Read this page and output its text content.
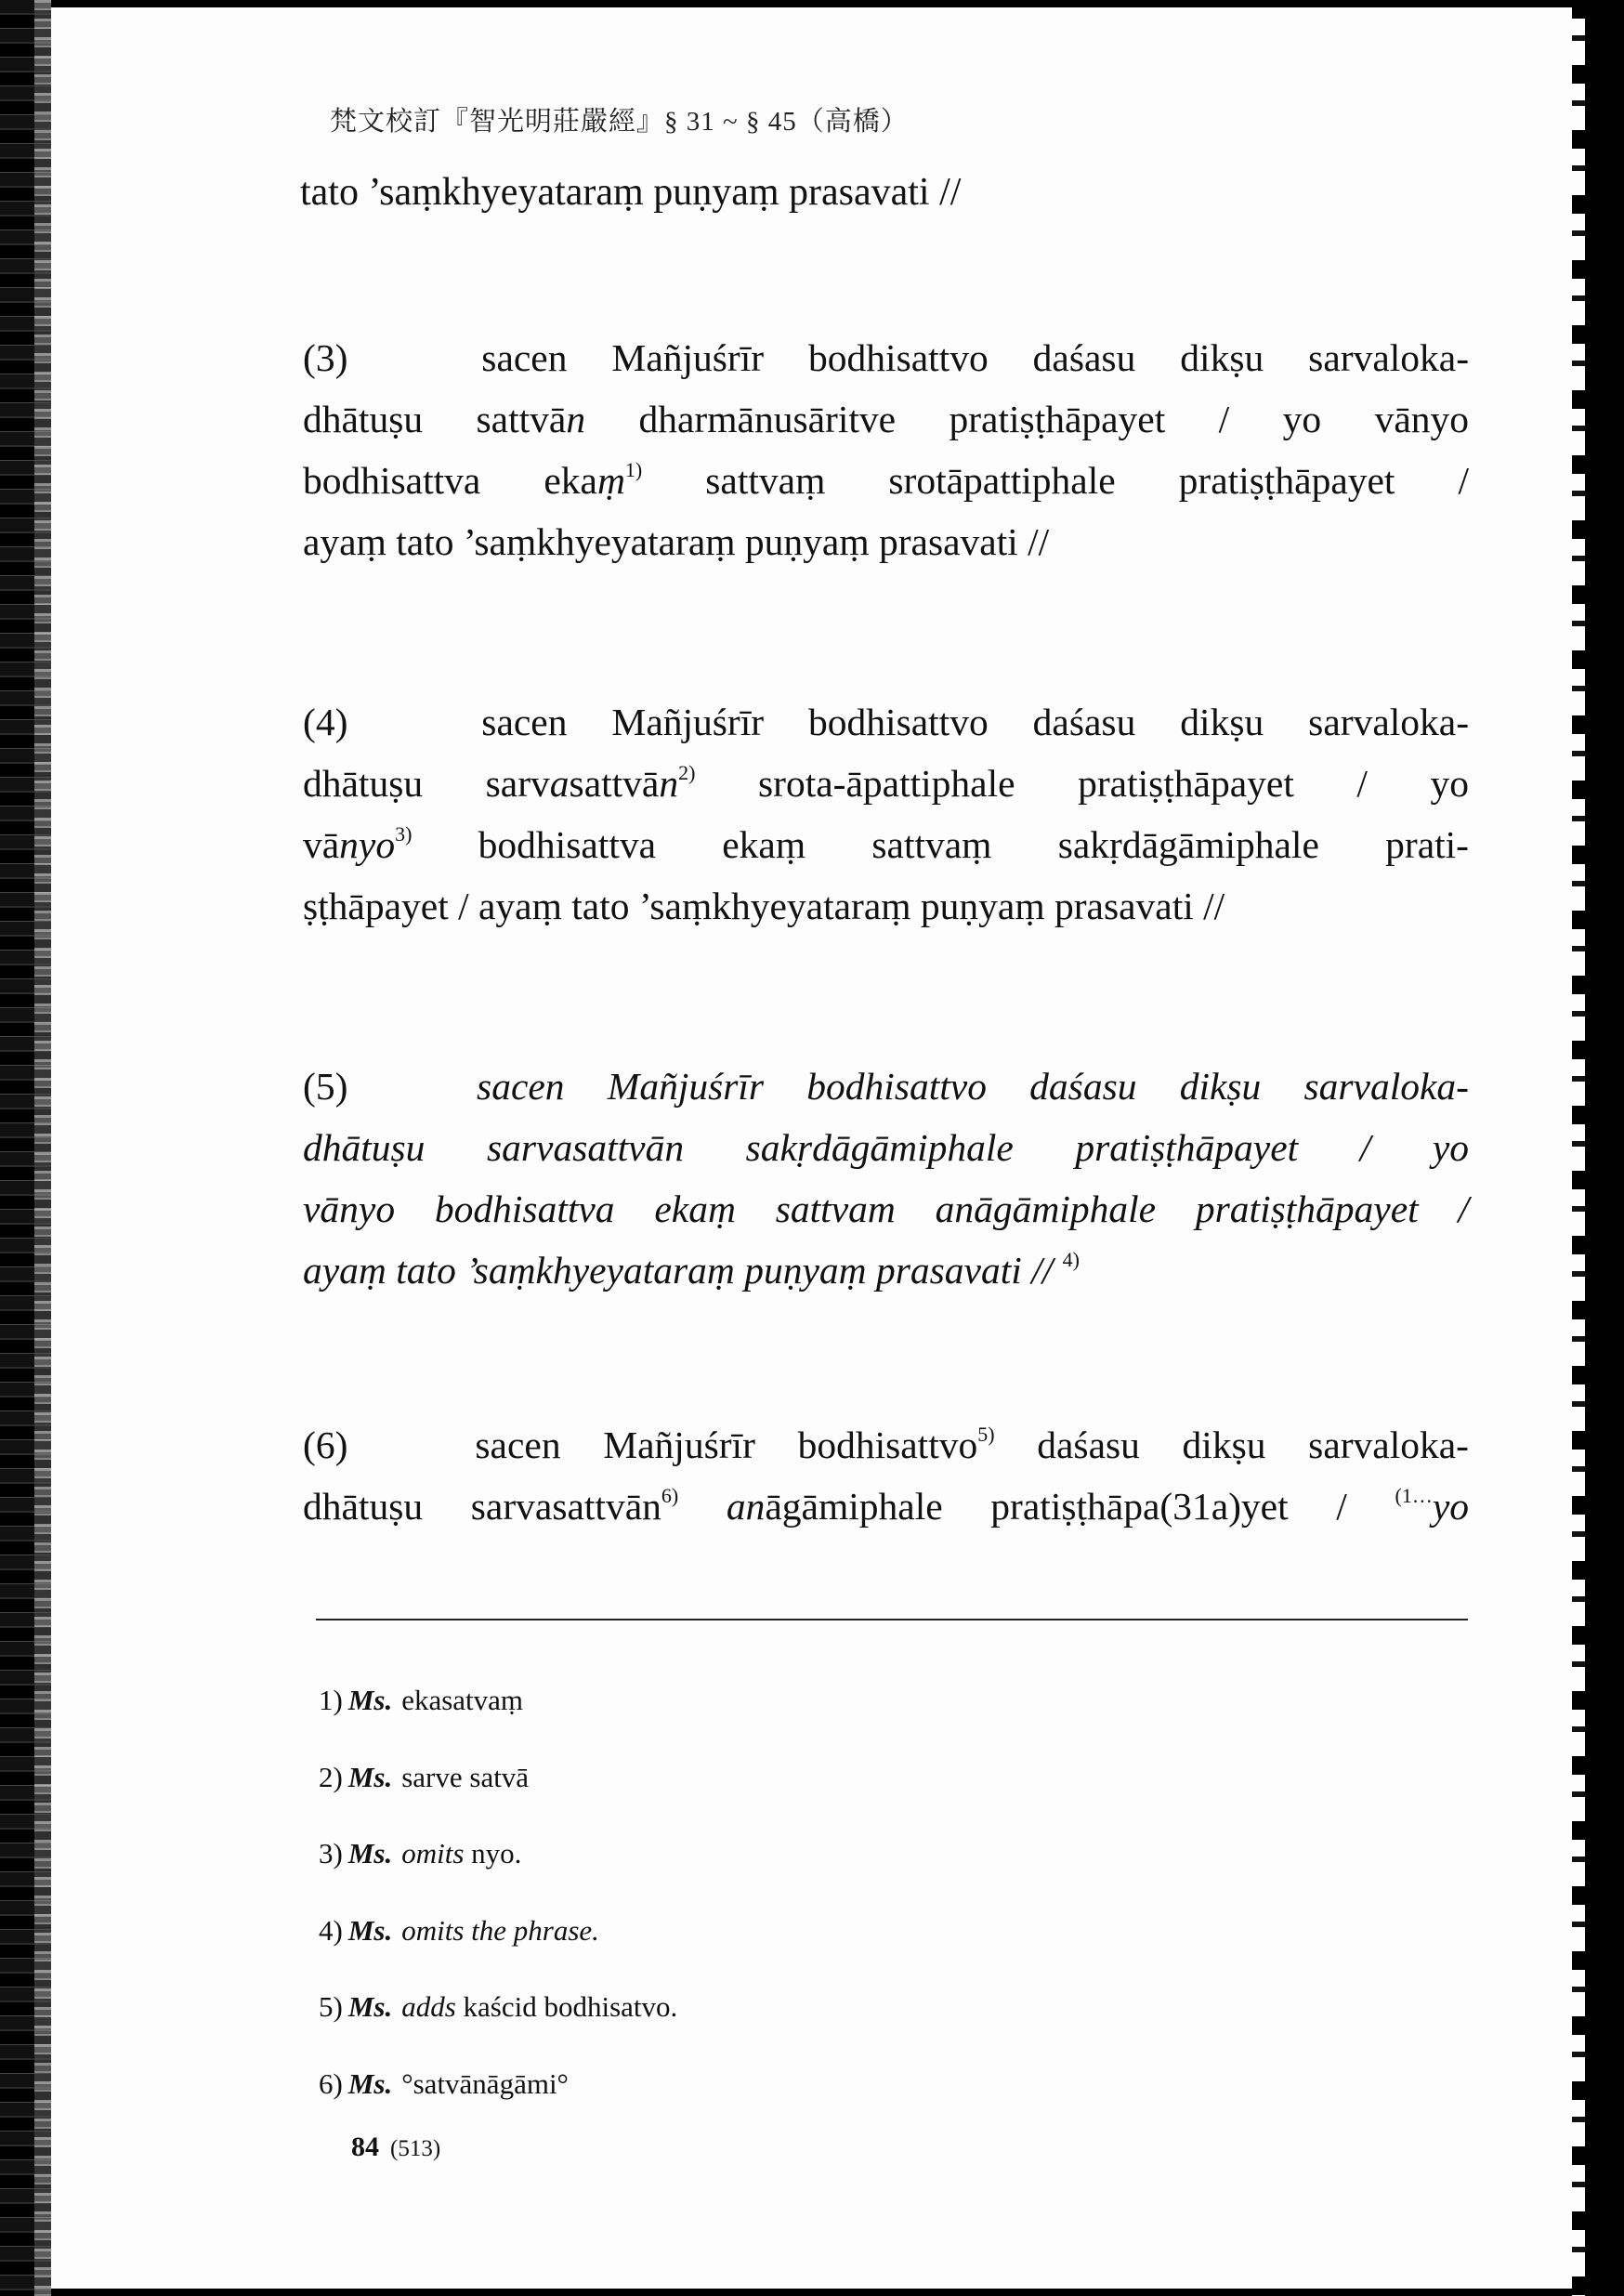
梵文校訂『智光明莊嚴經』§ 31 ~ § 45（高橋）
tato ’saṃkhyeyataraṃ puṇyaṃ prasavati //
(3)	sacen Mañjuśrīr bodhisattvo daśasu dikṣu sarvaloka-
dhātuṣu sattvān dharmānusāritve pratiṣṭhāpayet / yo vānyo
bodhisattva ekaṃ$^{1)}$ sattvaṃ srotāpattiphale pratiṣṭhāpayet /
ayaṃ tato ’saṃkhyeyataraṃ puṇyaṃ prasavati //
(4)	sacen Mañjuśrīr bodhisattvo daśasu dikṣu sarvaloka-
dhātuṣu sarvasattvān$^{2)}$ srota-āpattiphale pratiṣṭhāpayet / yo
vānyo$^{3)}$ bodhisattva ekaṃ sattvaṃ sakṛdāgāmiphale prati-
ṣṭhāpayet / ayaṃ tato ’saṃkhyeyataraṃ puṇyaṃ prasavati //
(5)	sacen Mañjuśrīr bodhisattvo daśasu dikṣu sarvaloka-
dhātuṣu sarvasattvān sakṛdāgāmiphale pratiṣṭhāpayet / yo
vānyo bodhisattva ekaṃ sattvam anāgāmiphale pratiṣṭhāpayet /
ayaṃ tato ’saṃkhyeyataraṃ puṇyaṃ prasavati // $^{4)}$
(6)	sacen Mañjuśrīr bodhisattvo$^{5)}$ daśasu dikṣu sarvaloka-
dhātuṣu sarvasattvān$^{6)}$ anāgāmiphale pratiṣṭhāpa(31a)yet / $^{(1\dots}$yo
1) Ms. ekasatvaṃ
2) Ms. sarve satvā
3) Ms. omits nyo.
4) Ms. omits the phrase.
5) Ms. adds kaścid bodhisatvo.
6) Ms. °satvānāgāmi°
84 (513)
